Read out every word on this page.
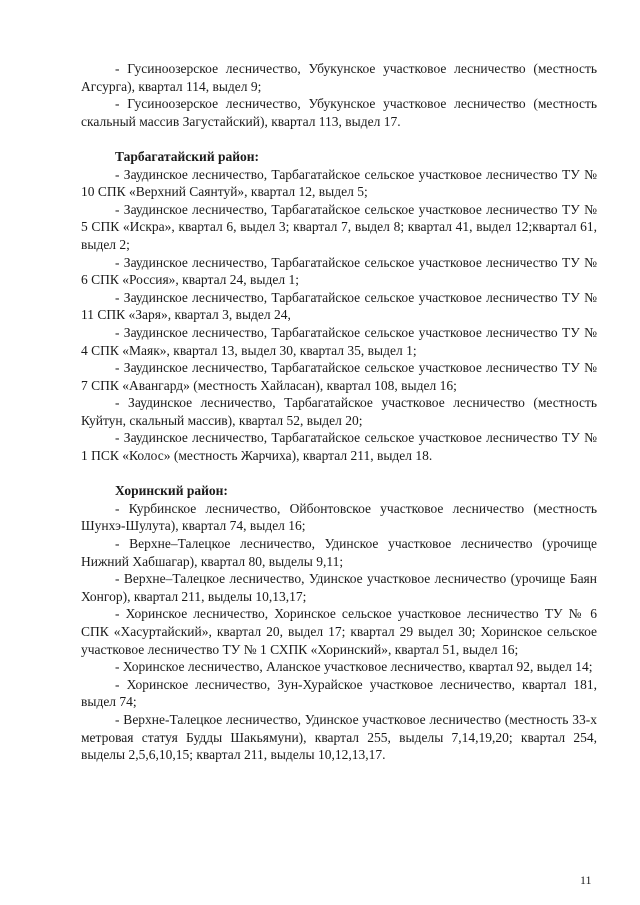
- Гусиноозерское лесничество, Убукунское участковое лесничество (местность Агсурга), квартал 114, выдел 9;

- Гусиноозерское лесничество, Убукунское участковое лесничество (местность скальный массив Загустайский), квартал 113, выдел 17.

Тарбагатайский район:

- Заудинское лесничество, Тарбагатайское сельское участковое лесничество ТУ № 10 СПК «Верхний Саянтуй», квартал 12, выдел 5;

- Заудинское лесничество, Тарбагатайское сельское участковое лесничество ТУ № 5 СПК «Искра», квартал 6, выдел 3; квартал 7, выдел 8; квартал 41, выдел 12;квартал 61, выдел 2;

- Заудинское лесничество, Тарбагатайское сельское участковое лесничество ТУ № 6 СПК «Россия», квартал 24, выдел 1;

- Заудинское лесничество, Тарбагатайское сельское участковое лесничество ТУ № 11 СПК «Заря», квартал 3, выдел 24,

- Заудинское лесничество, Тарбагатайское сельское участковое лесничество ТУ № 4 СПК «Маяк», квартал 13, выдел 30, квартал 35, выдел 1;

- Заудинское лесничество, Тарбагатайское сельское участковое лесничество ТУ № 7 СПК «Авангард» (местность Хайласан), квартал 108, выдел 16;

- Заудинское лесничество, Тарбагатайское участковое лесничество (местность Куйтун, скальный массив), квартал 52, выдел 20;

- Заудинское лесничество, Тарбагатайское сельское участковое лесничество ТУ № 1 ПСК «Колос» (местность Жарчиха), квартал 211, выдел 18.

Хоринский район:

- Курбинское лесничество, Ойбонтовское участковое лесничество (местность Шунхэ-Шулута), квартал 74, выдел 16;

- Верхне–Талецкое лесничество, Удинское участковое лесничество (урочище Нижний Хабшагар), квартал 80, выделы 9,11;

- Верхне–Талецкое лесничество, Удинское участковое лесничество (урочище Баян Хонгор), квартал 211, выделы 10,13,17;

- Хоринское лесничество, Хоринское сельское участковое лесничество ТУ № 6 СПК «Хасуртайский», квартал 20, выдел 17; квартал 29 выдел 30; Хоринское сельское участковое лесничество ТУ № 1 СХПК «Хоринский», квартал 51, выдел 16;

- Хоринское лесничество, Аланское участковое лесничество, квартал 92, выдел 14;

- Хоринское лесничество, Зун-Хурайское участковое лесничество, квартал 181, выдел 74;

- Верхне-Талецкое лесничество, Удинское участковое лесничество (местность 33-х метровая статуя Будды Шакьямуни), квартал 255, выделы 7,14,19,20; квартал 254, выделы 2,5,6,10,15; квартал 211, выделы 10,12,13,17.

11
